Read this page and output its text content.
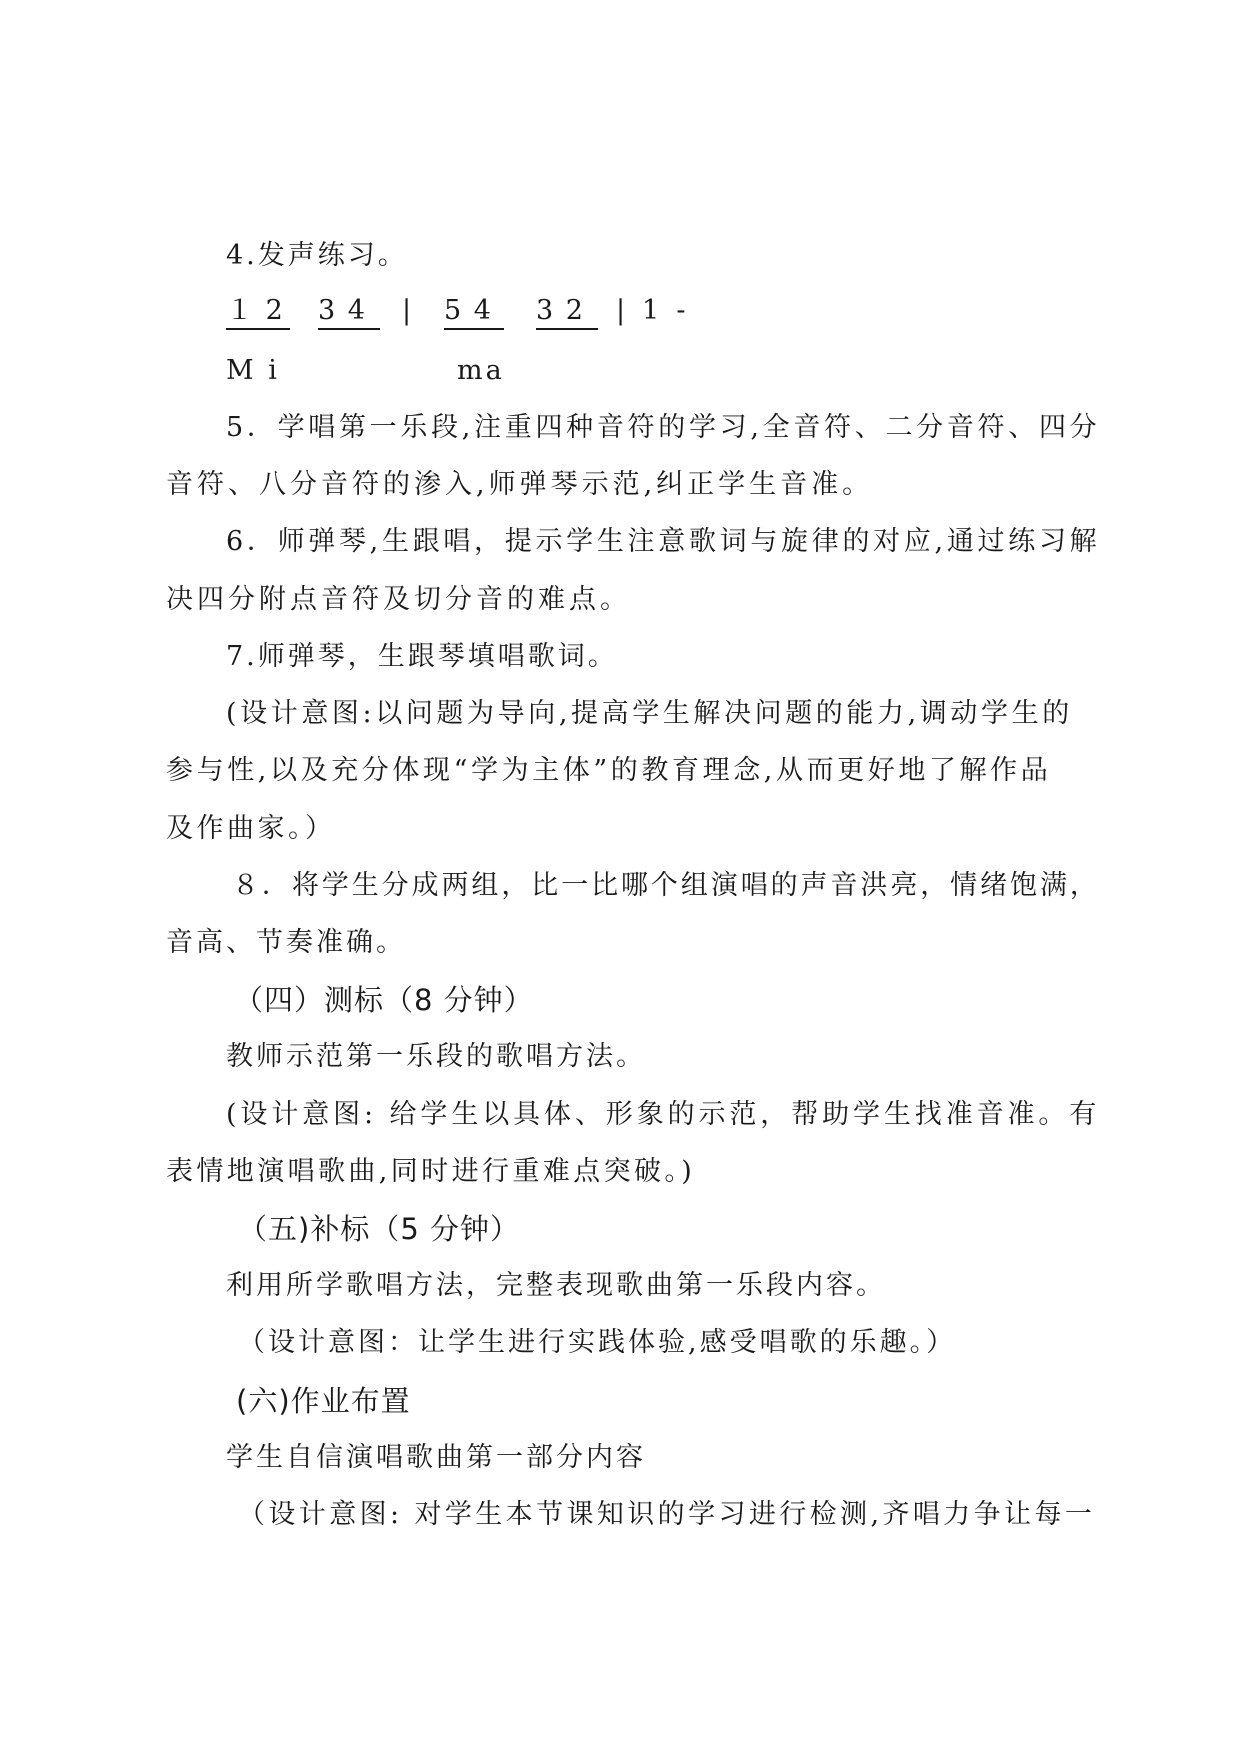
4.发声练习。
１ 2 3 4	| 5 4	3 2	| 1  -
M i	ma
5．学唱第一乐段,注重四种音符的学习,全音符、二分音符、四分
音符、八分音符的渗入,师弹琴示范,纠正学生音准。
6．师弹琴,生跟唱，提示学生注意歌词与旋律的对应,通过练习解
决四分附点音符及切分音的难点。
7.师弹琴，生跟琴填唱歌词。
(设计意图:以问题为导向,提高学生解决问题的能力,调动学生的
参与性,以及充分体现“学为主体”的教育理念,从而更好地了解作品
及作曲家。）
８．将学生分成两组，比一比哪个组演唱的声音洪亮，情绪饱满，
音高、节奏准确。
（四）测标（8 分钟）
教师示范第一乐段的歌唱方法。
(设计意图: 给学生以具体、形象的示范，帮助学生找准音准。有
表情地演唱歌曲,同时进行重难点突破。)
（五)补标（5 分钟）
利用所学歌唱方法，完整表现歌曲第一乐段内容。
（设计意图：让学生进行实践体验,感受唱歌的乐趣。）
(六)作业布置
学生自信演唱歌曲第一部分内容
（设计意图: 对学生本节课知识的学习进行检测,齐唱力争让每一
